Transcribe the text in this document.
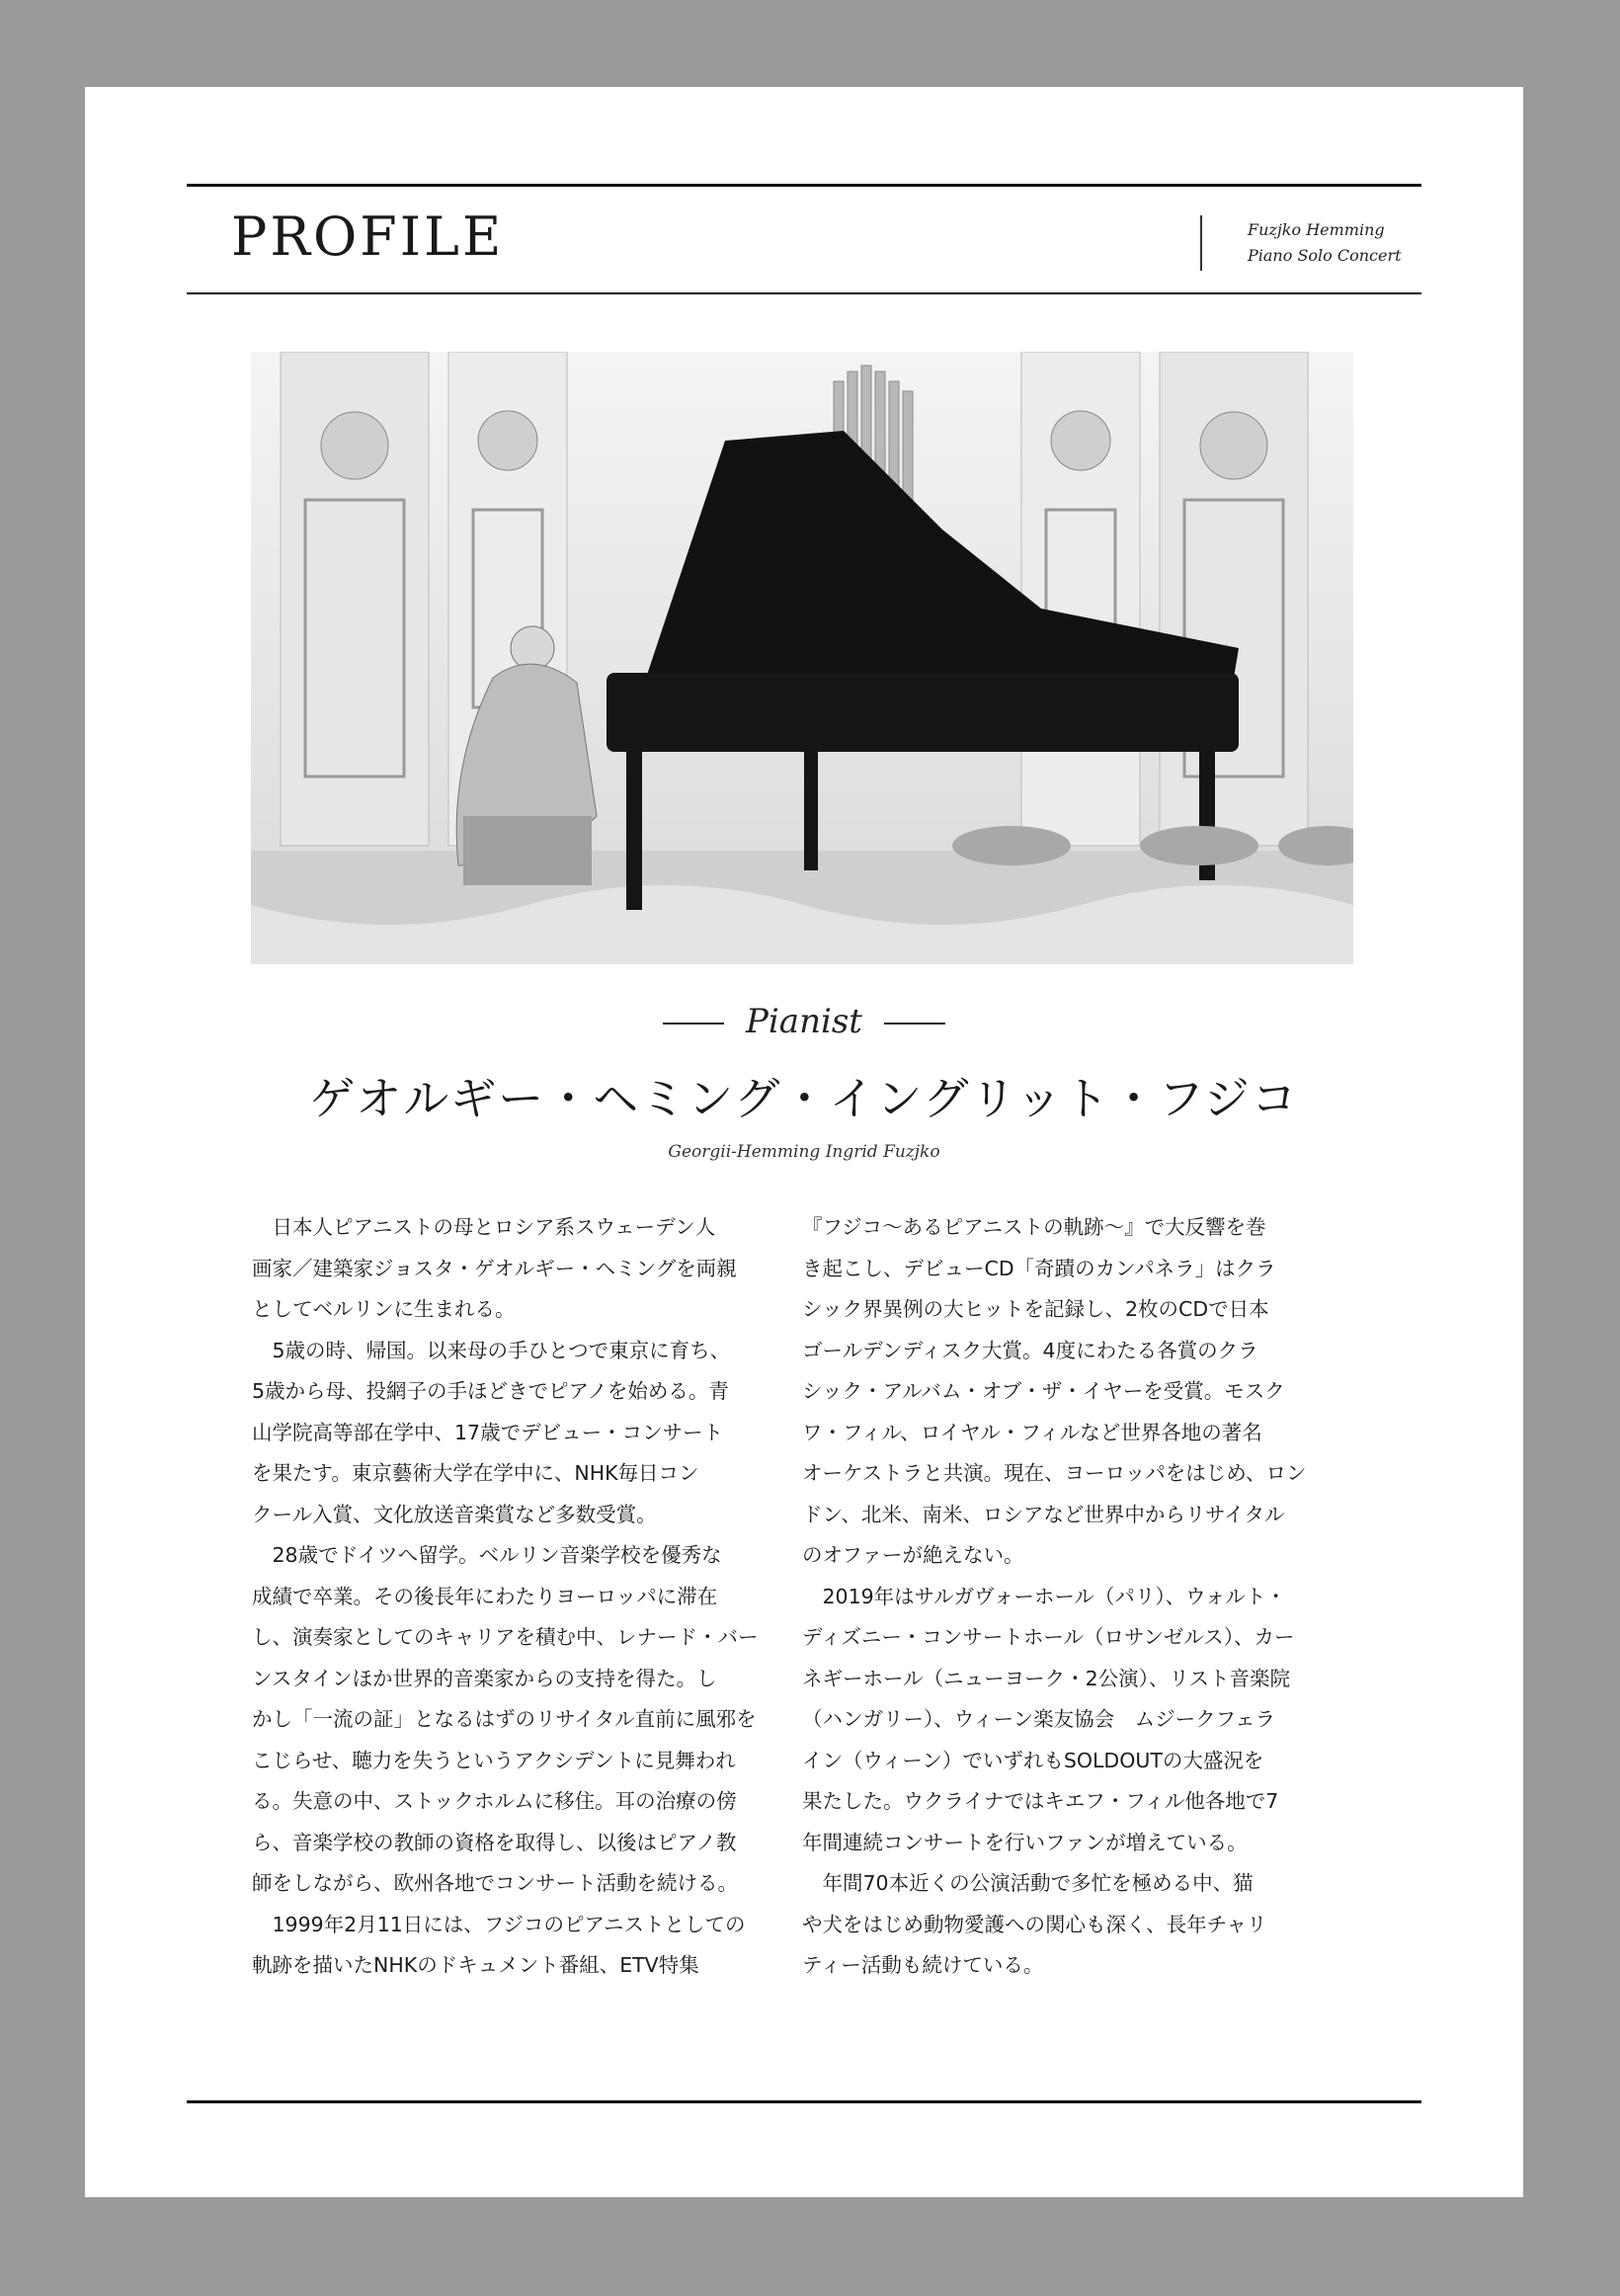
PROFILE	Fuzjko Hemming
Piano Solo Concert
Pianist
ゲオルギー・ヘミング・イングリット・フジコ
Georgii-Hemming Ingrid Fuzjko
　日本人ピアニストの母とロシア系スウェーデン人
画家／建築家ジョスタ・ゲオルギー・ヘミングを両親
としてベルリンに生まれる。
　5歳の時、帰国。以来母の手ひとつで東京に育ち、
5歳から母、投網子の手ほどきでピアノを始める。青
山学院高等部在学中、17歳でデビュー・コンサート
を果たす。東京藝術大学在学中に、NHK毎日コン
クール入賞、文化放送音楽賞など多数受賞。
　28歳でドイツへ留学。ベルリン音楽学校を優秀な
成績で卒業。その後長年にわたりヨーロッパに滞在
し、演奏家としてのキャリアを積む中、レナード・バー
ンスタインほか世界的音楽家からの支持を得た。し
かし「一流の証」となるはずのリサイタル直前に風邪を
こじらせ、聴力を失うというアクシデントに見舞われ
る。失意の中、ストックホルムに移住。耳の治療の傍
ら、音楽学校の教師の資格を取得し、以後はピアノ教
師をしながら、欧州各地でコンサート活動を続ける。
　1999年2月11日には、フジコのピアニストとしての
軌跡を描いたNHKのドキュメント番組、ETV特集
『フジコ～あるピアニストの軌跡～』で大反響を巻
き起こし、デビューCD「奇蹟のカンパネラ」はクラ
シック界異例の大ヒットを記録し、2枚のCDで日本
ゴールデンディスク大賞。4度にわたる各賞のクラ
シック・アルバム・オブ・ザ・イヤーを受賞。モスク
ワ・フィル、ロイヤル・フィルなど世界各地の著名
オーケストラと共演。現在、ヨーロッパをはじめ、ロン
ドン、北米、南米、ロシアなど世界中からリサイタル
のオファーが絶えない。
　2019年はサルガヴォーホール（パリ）、ウォルト・
ディズニー・コンサートホール（ロサンゼルス）、カー
ネギーホール（ニューヨーク・2公演）、リスト音楽院
（ハンガリー）、ウィーン楽友協会　ムジークフェラ
イン（ウィーン）でいずれもSOLDOUTの大盛況を
果たした。ウクライナではキエフ・フィル他各地で7
年間連続コンサートを行いファンが増えている。
　年間70本近くの公演活動で多忙を極める中、猫
や犬をはじめ動物愛護への関心も深く、長年チャリ
ティー活動も続けている。
